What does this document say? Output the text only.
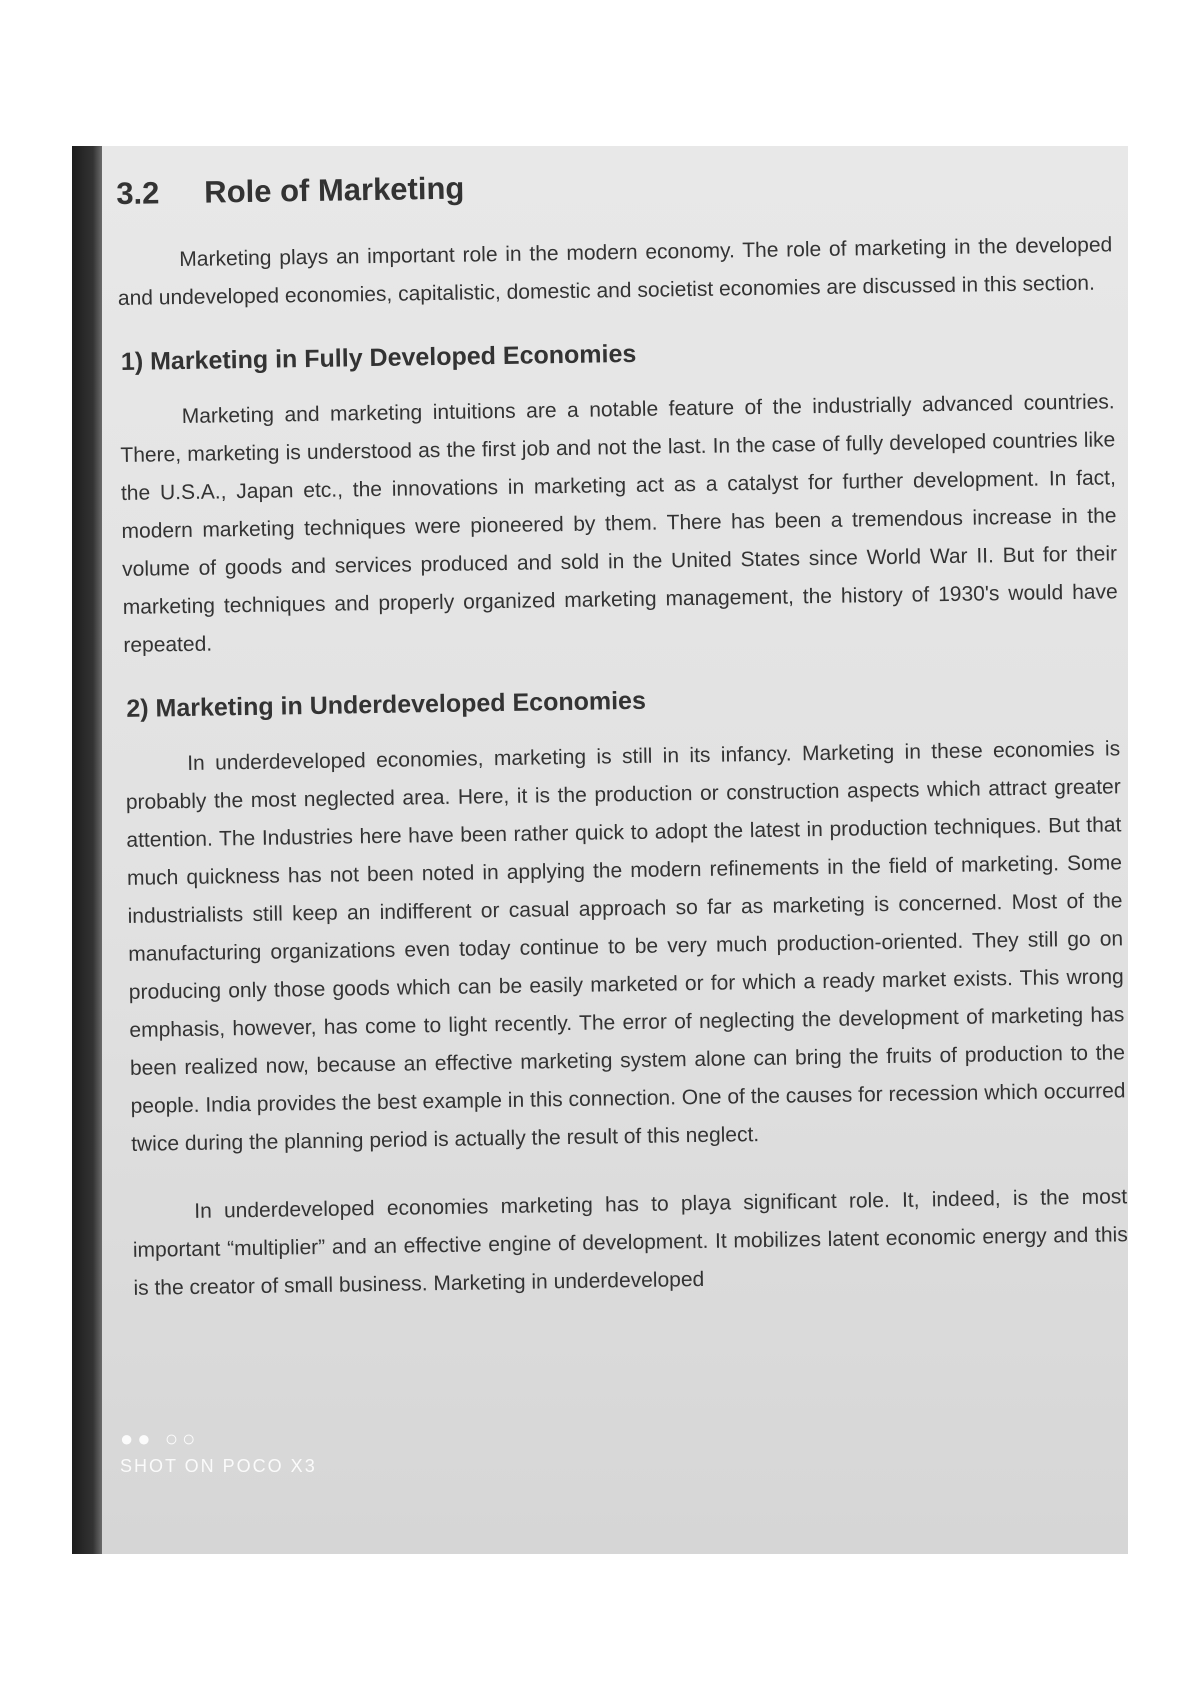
3.2 Role of Marketing

Marketing plays an important role in the modern economy. The role of marketing in the developed and undeveloped economies, capitalistic, domestic and societist economies are discussed in this section.

1) Marketing in Fully Developed Economies

Marketing and marketing intuitions are a notable feature of the industrially advanced countries. There, marketing is understood as the first job and not the last. In the case of fully developed countries like the U.S.A., Japan etc., the innovations in marketing act as a catalyst for further development. In fact, modern marketing techniques were pioneered by them. There has been a tremendous increase in the volume of goods and services produced and sold in the United States since World War II. But for their marketing techniques and properly organized marketing management, the history of 1930's would have repeated.

2) Marketing in Underdeveloped Economies

In underdeveloped economies, marketing is still in its infancy. Marketing in these economies is probably the most neglected area. Here, it is the production or construction aspects which attract greater attention. The Industries here have been rather quick to adopt the latest in production techniques. But that much quickness has not been noted in applying the modern refinements in the field of marketing. Some industrialists still keep an indifferent or casual approach so far as marketing is concerned. Most of the manufacturing organizations even today continue to be very much production-oriented. They still go on producing only those goods which can be easily marketed or for which a ready market exists. This wrong emphasis, however, has come to light recently. The error of neglecting the development of marketing has been realized now, because an effective marketing system alone can bring the fruits of production to the people. India provides the best example in this connection. One of the causes for recession which occurred twice during the planning period is actually the result of this neglect.

In underdeveloped economies marketing has to playa significant role. It, indeed, is the most important “multiplier” and an effective engine of development. It mobilizes latent economic energy and this is the creator of small business. Marketing in underdeveloped

●● ○○
SHOT ON POCO X3
